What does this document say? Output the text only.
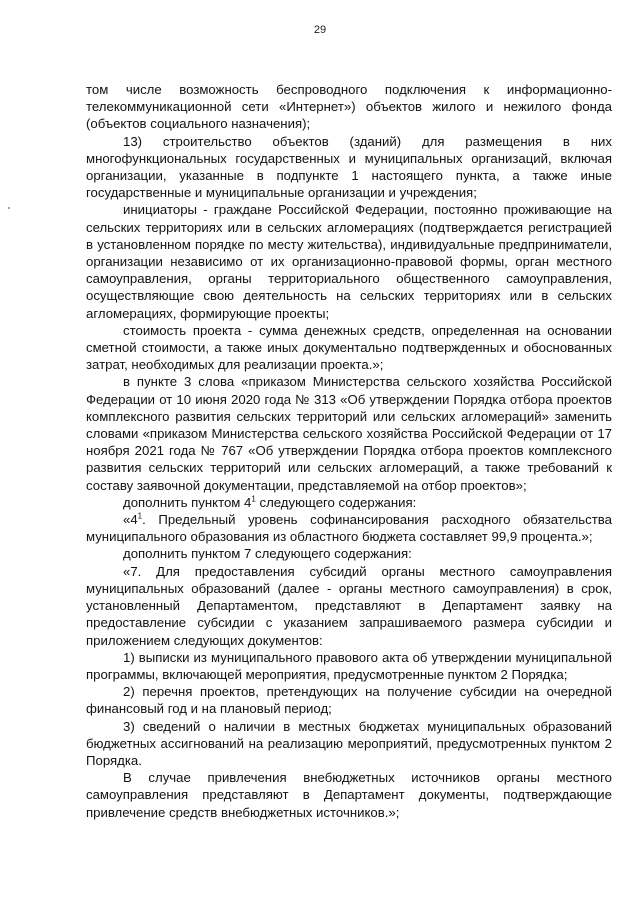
29

том числе возможность беспроводного подключения к информационно-телекоммуникационной сети «Интернет») объектов жилого и нежилого фонда (объектов социального назначения);

13) строительство объектов (зданий) для размещения в них многофункциональных государственных и муниципальных организаций, включая организации, указанные в подпункте 1 настоящего пункта, а также иные государственные и муниципальные организации и учреждения;

инициаторы - граждане Российской Федерации, постоянно проживающие на сельских территориях или в сельских агломерациях (подтверждается регистрацией в установленном порядке по месту жительства), индивидуальные предприниматели, организации независимо от их организационно-правовой формы, орган местного самоуправления, органы территориального общественного самоуправления, осуществляющие свою деятельность на сельских территориях или в сельских агломерациях, формирующие проекты;

стоимость проекта - сумма денежных средств, определенная на основании сметной стоимости, а также иных документально подтвержденных и обоснованных затрат, необходимых для реализации проекта.»;

в пункте 3 слова «приказом Министерства сельского хозяйства Российской Федерации от 10 июня 2020 года № 313 «Об утверждении Порядка отбора проектов комплексного развития сельских территорий или сельских агломераций» заменить словами «приказом Министерства сельского хозяйства Российской Федерации от 17 ноября 2021 года № 767 «Об утверждении Порядка отбора проектов комплексного развития сельских территорий или сельских агломераций, а также требований к составу заявочной документации, представляемой на отбор проектов»;

дополнить пунктом $4^1$ следующего содержания:

«$4^1$. Предельный уровень софинансирования расходного обязательства муниципального образования из областного бюджета составляет 99,9 процента.»;

дополнить пунктом 7 следующего содержания:

«7. Для предоставления субсидий органы местного самоуправления муниципальных образований (далее - органы местного самоуправления) в срок, установленный Департаментом, представляют в Департамент заявку на предоставление субсидии с указанием запрашиваемого размера субсидии и приложением следующих документов:

1) выписки из муниципального правового акта об утверждении муниципальной программы, включающей мероприятия, предусмотренные пунктом 2 Порядка;

2) перечня проектов, претендующих на получение субсидии на очередной финансовый год и на плановый период;

3) сведений о наличии в местных бюджетах муниципальных образований бюджетных ассигнований на реализацию мероприятий, предусмотренных пунктом 2 Порядка.

В случае привлечения внебюджетных источников органы местного самоуправления представляют в Департамент документы, подтверждающие привлечение средств внебюджетных источников.»;
